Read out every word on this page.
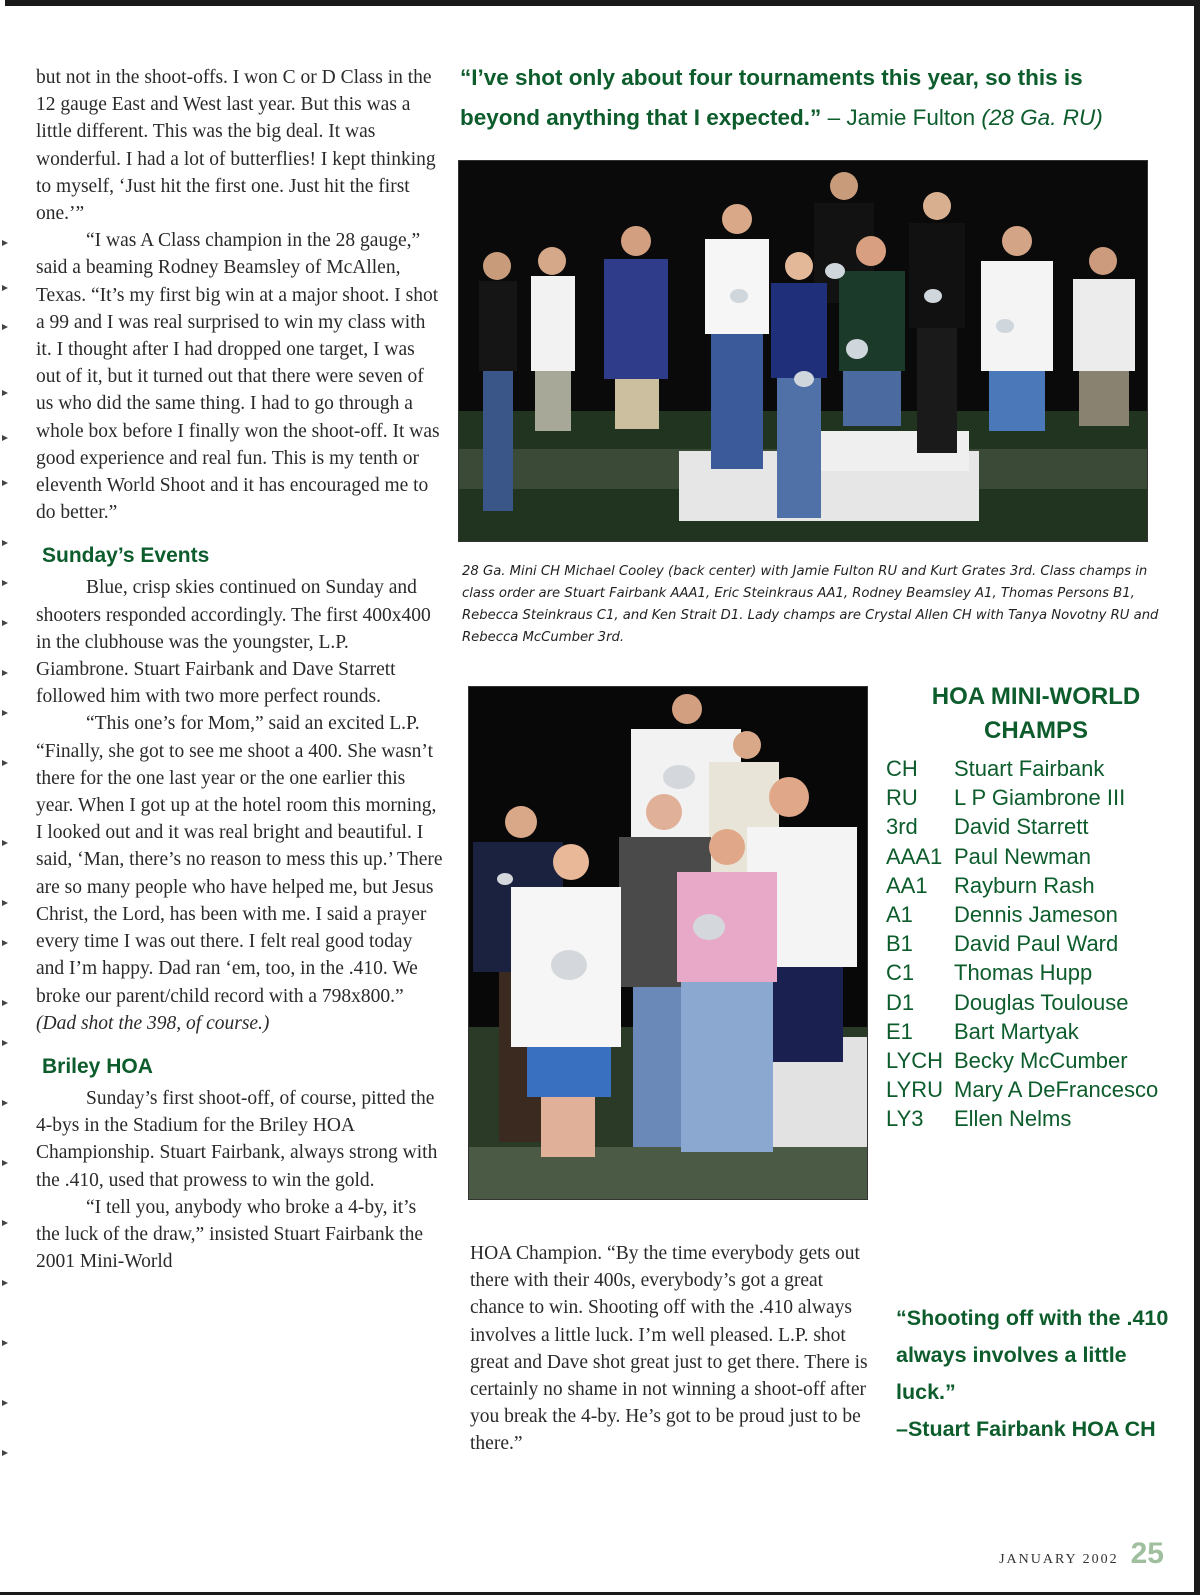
but not in the shoot-offs. I won C or D Class in the 12 gauge East and West last year. But this was a little different. This was the big deal. It was wonderful. I had a lot of butterflies! I kept thinking to myself, ‘Just hit the first one. Just hit the first one.’”

“I was A Class champion in the 28 gauge,” said a beaming Rodney Beamsley of McAllen, Texas. “It’s my first big win at a major shoot. I shot a 99 and I was real surprised to win my class with it. I thought after I had dropped one target, I was out of it, but it turned out that there were seven of us who did the same thing. I had to go through a whole box before I finally won the shoot-off. It was good experience and real fun. This is my tenth or eleventh World Shoot and it has encouraged me to do better.”

Sunday’s Events

Blue, crisp skies continued on Sunday and shooters responded accordingly. The first 400x400 in the clubhouse was the youngster, L.P. Giambrone. Stuart Fairbank and Dave Starrett followed him with two more perfect rounds.

“This one’s for Mom,” said an excited L.P. “Finally, she got to see me shoot a 400. She wasn’t there for the one last year or the one earlier this year. When I got up at the hotel room this morning, I looked out and it was real bright and beautiful. I said, ‘Man, there’s no reason to mess this up.’ There are so many people who have helped me, but Jesus Christ, the Lord, has been with me. I said a prayer every time I was out there. I felt real good today and I’m happy. Dad ran ‘em, too, in the .410. We broke our parent/child record with a 798x800.” (Dad shot the 398, of course.)

Briley HOA

Sunday’s first shoot-off, of course, pitted the 4-bys in the Stadium for the Briley HOA Championship. Stuart Fairbank, always strong with the .410, used that prowess to win the gold.

“I tell you, anybody who broke a 4-by, it’s the luck of the draw,” insisted Stuart Fairbank the 2001 Mini-World

“I’ve shot only about four tournaments this year, so this is beyond anything that I expected.” – Jamie Fulton (28 Ga. RU)
28 Ga. Mini CH Michael Cooley (back center) with Jamie Fulton RU and Kurt Grates 3rd. Class champs in class order are Stuart Fairbank AAA1, Eric Steinkraus AA1, Rodney Beamsley A1, Thomas Persons B1, Rebecca Steinkraus C1, and Ken Strait D1. Lady champs are Crystal Allen CH with Tanya Novotny RU and Rebecca McCumber 3rd.

HOA Champion. “By the time everybody gets out there with their 400s, everybody’s got a great chance to win. Shooting off with the .410 always involves a little luck. I’m well pleased. L.P. shot great and Dave shot great just to get there. There is certainly no shame in not winning a shoot-off after you break the 4-by. He’s got to be proud just to be there.”

HOA MINI-WORLD CHAMPS
CH	Stuart Fairbank
RU	L P Giambrone III
3rd	David Starrett
AAA1 Paul Newman
AA1	Rayburn Rash
A1	Dennis Jameson
B1	David Paul Ward
C1	Thomas Hupp
D1	Douglas Toulouse
E1	Bart Martyak
LYCH Becky McCumber
LYRU Mary A DeFrancesco
LY3	Ellen Nelms
“Shooting off with the .410 always involves a little luck.”
–Stuart Fairbank HOA CH
JANUARY 2002 25
